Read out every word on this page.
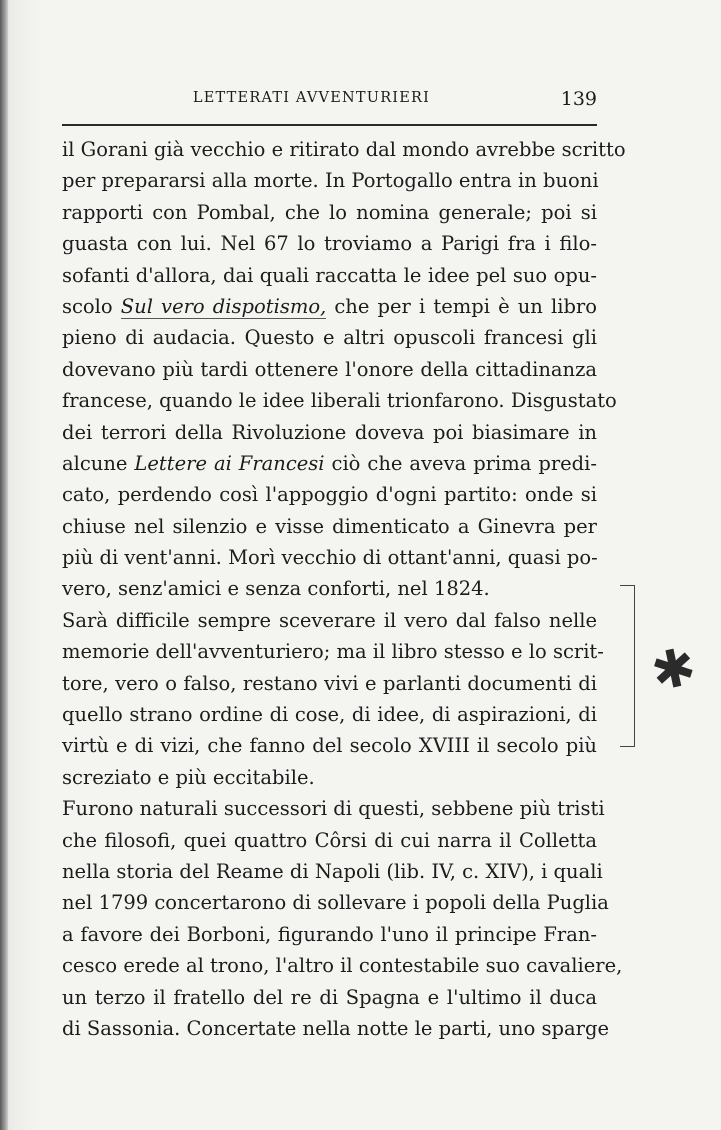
LETTERATI AVVENTURIERI	139
il Gorani già vecchio e ritirato dal mondo avrebbe scritto
per prepararsi alla morte. In Portogallo entra in buoni
rapporti con Pombal, che lo nomina generale; poi si
guasta con lui. Nel 67 lo troviamo a Parigi fra i filo-
sofanti d'allora, dai quali raccatta le idee pel suo opu-
scolo Sul vero dispotismo, che per i tempi è un libro
pieno di audacia. Questo e altri opuscoli francesi gli
dovevano più tardi ottenere l'onore della cittadinanza
francese, quando le idee liberali trionfarono. Disgustato
dei terrori della Rivoluzione doveva poi biasimare in
alcune Lettere ai Francesi ciò che aveva prima predi-
cato, perdendo così l'appoggio d'ogni partito: onde si
chiuse nel silenzio e visse dimenticato a Ginevra per
più di vent'anni. Morì vecchio di ottant'anni, quasi po-
vero, senz'amici e senza conforti, nel 1824.
Sarà difficile sempre sceverare il vero dal falso nelle
memorie dell'avventuriero; ma il libro stesso e lo scrit-
tore, vero o falso, restano vivi e parlanti documenti di
quello strano ordine di cose, di idee, di aspirazioni, di
virtù e di vizi, che fanno del secolo XVIII il secolo più
screziato e più eccitabile.
Furono naturali successori di questi, sebbene più tristi
che filosofi, quei quattro Côrsi di cui narra il Colletta
nella storia del Reame di Napoli (lib. IV, c. XIV), i quali
nel 1799 concertarono di sollevare i popoli della Puglia
a favore dei Borboni, figurando l'uno il principe Fran-
cesco erede al trono, l'altro il contestabile suo cavaliere,
un terzo il fratello del re di Spagna e l'ultimo il duca
di Sassonia. Concertate nella notte le parti, uno sparge
✱
